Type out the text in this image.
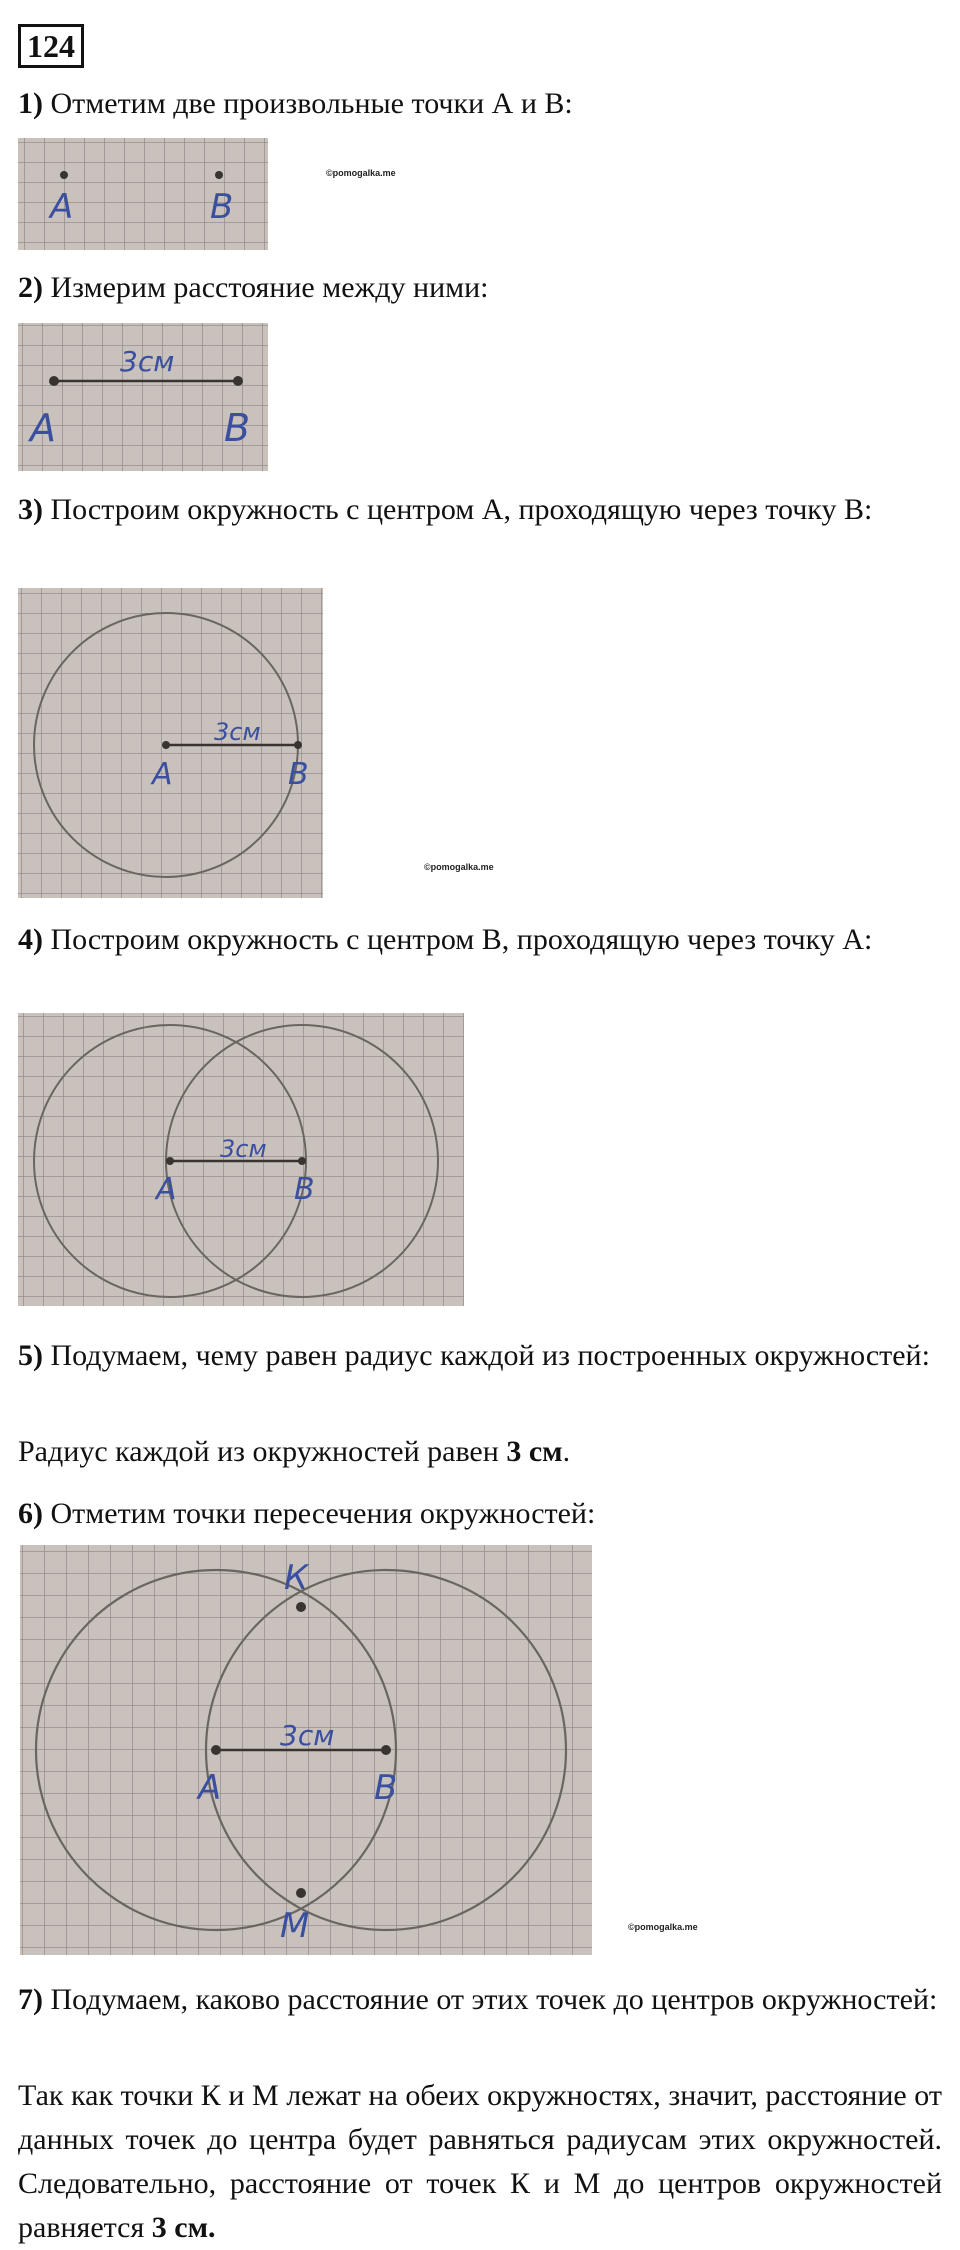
124
1) Отметим две произвольные точки А и В:
А	В
©pomogalka.me
2) Измерим расстояние между ними:
3см
А	В
3) Построим окружность с центром А, проходящую через точку В:
3см
А	В
©pomogalka.me
4) Построим окружность с центром В, проходящую через точку А:
3см
А	В
5) Подумаем, чему равен радиус каждой из построенных окружностей:
Радиус каждой из окружностей равен 3 см.
6) Отметим точки пересечения окружностей:
3см
А	В
К
М	©pomogalka.me
7) Подумаем, каково расстояние от этих точек до центров окружностей:
Так как точки К и М лежат на обеих окружностях, значит, расстояние от данных точек до центра будет равняться радиусам этих окружностей. Следовательно, расстояние от точек К и М до центров окружностей равняется 3 см.
